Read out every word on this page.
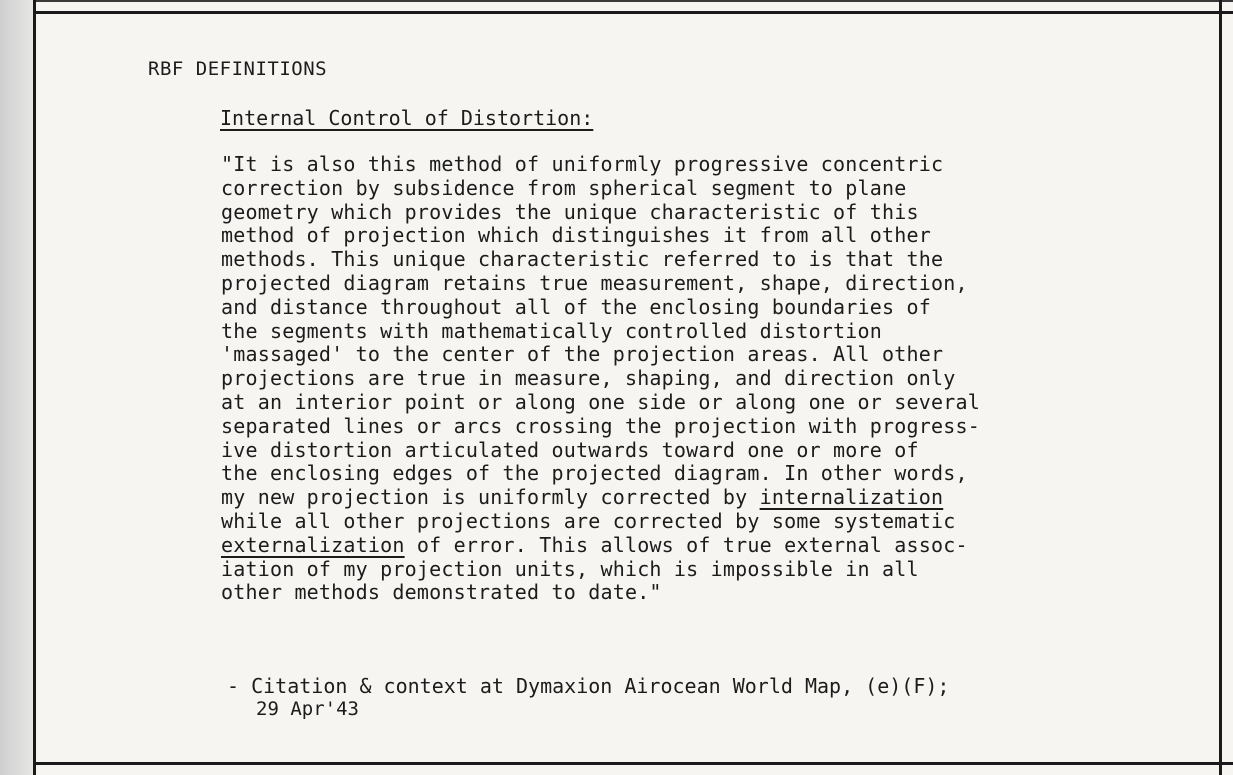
RBF DEFINITIONS
Internal Control of Distortion:
"It is also this method of uniformly progressive concentric
correction by subsidence from spherical segment to plane
geometry which provides the unique characteristic of this
method of projection which distinguishes it from all other
methods. This unique characteristic referred to is that the
projected diagram retains true measurement, shape, direction,
and distance throughout all of the enclosing boundaries of
the segments with mathematically controlled distortion
'massaged' to the center of the projection areas. All other
projections are true in measure, shaping, and direction only
at an interior point or along one side or along one or several
separated lines or arcs crossing the projection with progress-
ive distortion articulated outwards toward one or more of
the enclosing edges of the projected diagram. In other words,
my new projection is uniformly corrected by internalization
while all other projections are corrected by some systematic
externalization of error. This allows of true external assoc-
iation of my projection units, which is impossible in all
other methods demonstrated to date."
- Citation & context at Dymaxion Airocean World Map, (e)(F);
29 Apr'43
